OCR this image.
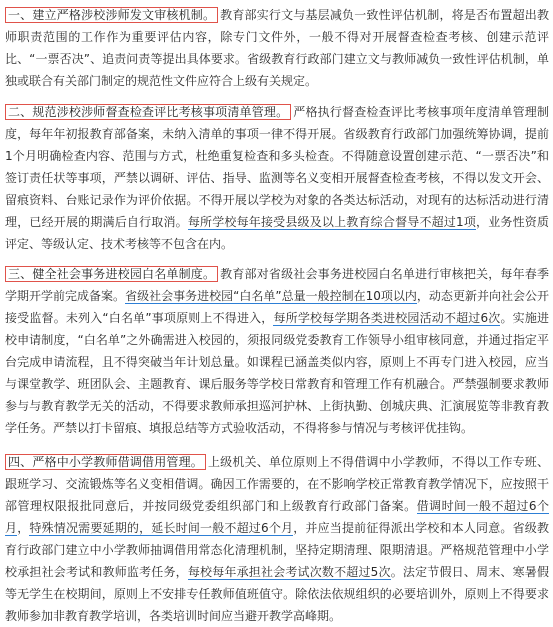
一、建立严格涉校涉师发文审核机制。 教育部实行文与基层减负一致性评估机制，将是否布置超出教师职责范围的工作作为重要评估内容，除专门文件外，一般不得对开展督查检查考核、创建示范评比、“一票否决”、追责问责等提出具体要求。省级教育行政部门建立文与教师减负一致性评估机制，单独或联合有关部门制定的规范性文件应符合上级有关规定。

二、规范涉校涉师督查检查评比考核事项清单管理。 严格执行督查检查评比考核事项年度清单管理制度，每年年初报教育部备案，未纳入清单的事项一律不得开展。省级教育行政部门加强统筹协调，提前1个月明确检查内容、范围与方式，杜绝重复检查和多头检查。不得随意设置创建示范、“一票否决”和签订责任状等事项，严禁以调研、评估、指导、监测等名义变相开展督查检查考核，不得以发文开会、留痕资料、台账记录作为评价依据。不得开展以学校为对象的各类达标活动，对现有的达标活动进行清理，已经开展的期满后自行取消。每所学校每年接受县级及以上教育综合督导不超过1项，业务性资质评定、等级认定、技术考核等不包含在内。

三、健全社会事务进校园白名单制度。 教育部对省级社会事务进校园白名单进行审核把关，每年春季学期开学前完成备案。省级社会事务进校园“白名单”总量一般控制在10项以内，动态更新并向社会公开接受监督。未列入“白名单”事项原则上不得进入，每所学校每学期各类进校园活动不超过6次。实施进校申请制度，“白名单”之外确需进入校园的，须报同级党委教育工作领导小组审核同意，并通过指定平台完成申请流程，且不得突破当年计划总量。如课程已涵盖类似内容，原则上不再专门进入校园，应当与课堂教学、班团队会、主题教育、课后服务等学校日常教育和管理工作有机融合。严禁强制要求教师参与与教育教学无关的活动，不得要求教师承担巡河护林、上街执勤、创城庆典、汇演展览等非教育教学任务。严禁以打卡留痕、填报总结等方式验收活动，不得将参与情况与考核评优挂钩。

四、严格中小学教师借调借用管理。 上级机关、单位原则上不得借调中小学教师，不得以工作专班、跟班学习、交流锻炼等名义变相借调。确因工作需要的，在不影响学校正常教育教学情况下，应按照干部管理权限报批同意后，并按同级党委组织部门和上级教育行政部门备案。借调时间一般不超过6个月，特殊情况需要延期的，延长时间一般不超过6个月，并应当提前征得派出学校和本人同意。省级教育行政部门建立中小学教师抽调借用常态化清理机制，坚持定期清理、限期清退。严格规范管理中小学校承担社会考试和教师监考任务，每校每年承担社会考试次数不超过5次。法定节假日、周末、寒暑假等无学生在校期间，原则上不安排专任教师值班值守。除依法依规组织的必要培训外，原则上不得要求教师参加非教育教学培训，各类培训时间应当避开教学高峰期。
